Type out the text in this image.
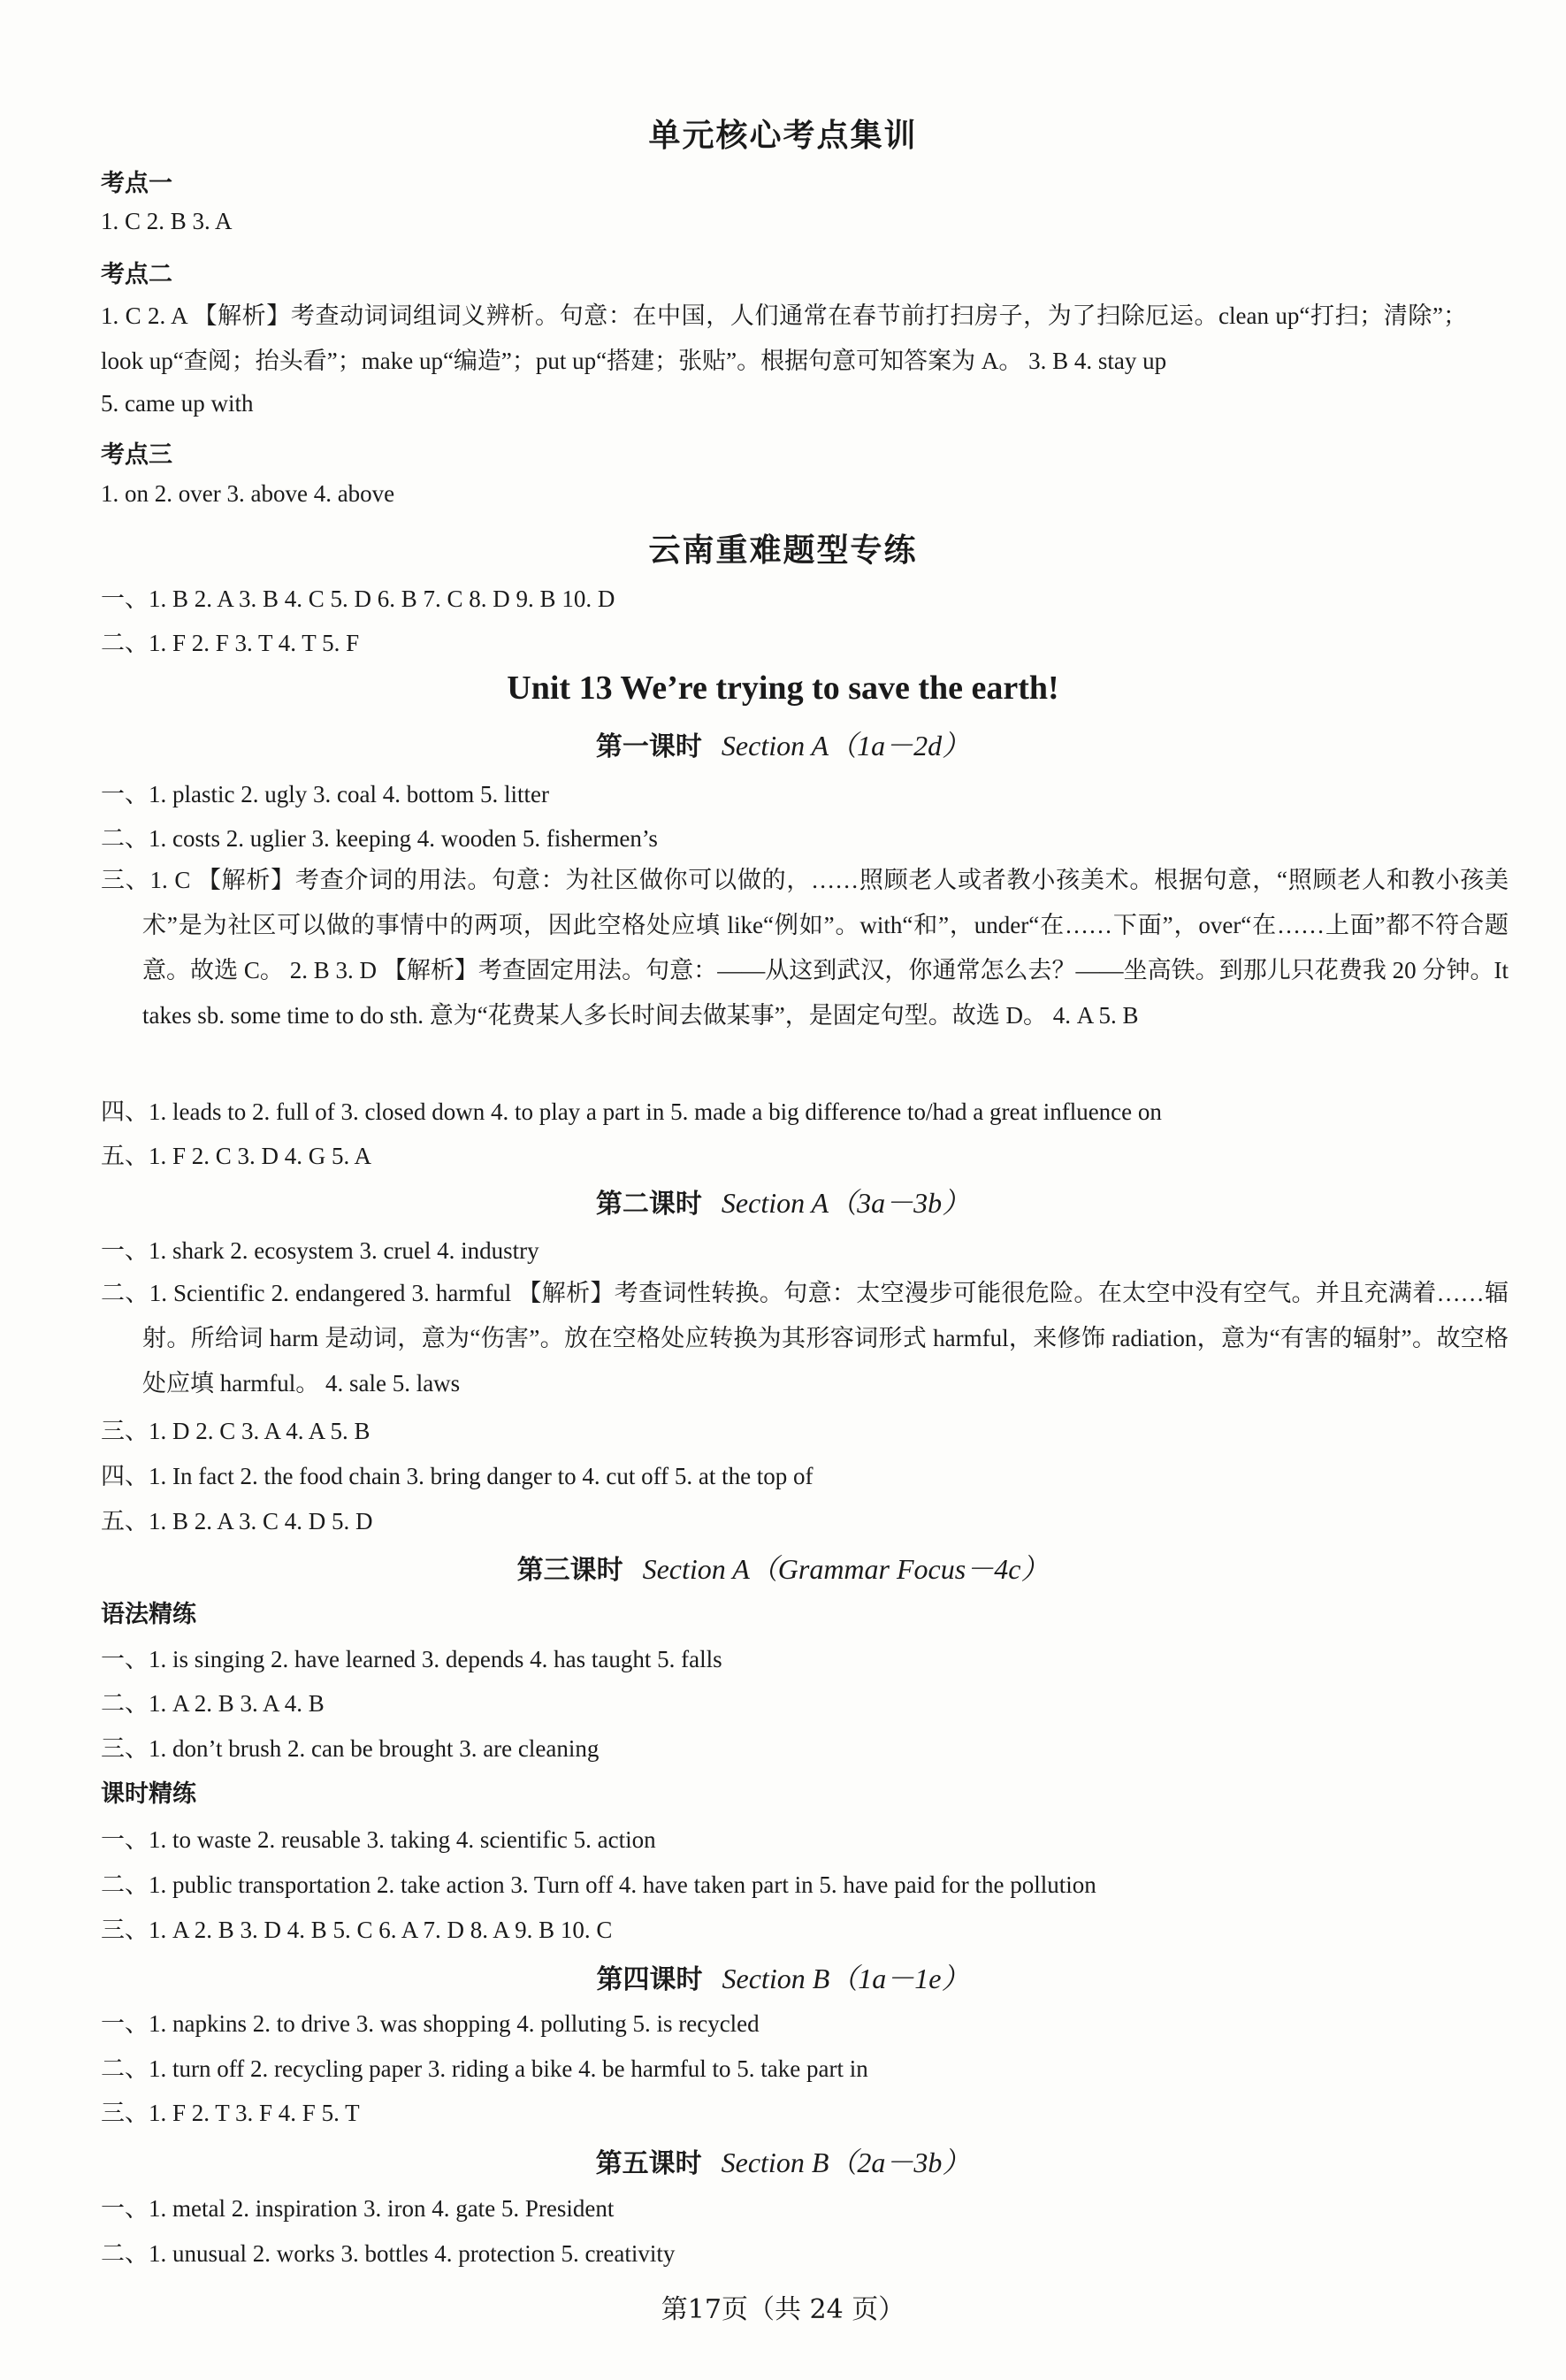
单元核心考点集训
考点一
1. C 2. B 3. A
考点二
1. C 2. A 【解析】考查动词词组词义辨析。句意：在中国，人们通常在春节前打扫房子，为了扫除厄运。clean up“打扫；清除”；look up“查阅；抬头看”；make up“编造”；put up“搭建；张贴”。根据句意可知答案为 A。 3. B 4. stay up
5. came up with
考点三
1. on 2. over 3. above 4. above
云南重难题型专练
一、1. B 2. A 3. B 4. C 5. D 6. B 7. C 8. D 9. B 10. D
二、1. F 2. F 3. T 4. T 5. F
Unit 13 We’re trying to save the earth!
第一课时 Section A（1a－2d）
一、1. plastic 2. ugly 3. coal 4. bottom 5. litter
二、1. costs 2. uglier 3. keeping 4. wooden 5. fishermen’s
三、1. C 【解析】考查介词的用法。句意：为社区做你可以做的，……照顾老人或者教小孩美术。根据句意，“照顾老人和教小孩美术”是为社区可以做的事情中的两项，因此空格处应填 like“例如”。with“和”，under“在……下面”，over“在……上面”都不符合题意。故选 C。 2. B 3. D 【解析】考查固定用法。句意：——从这到武汉，你通常怎么去？——坐高铁。到那儿只花费我 20 分钟。It takes sb. some time to do sth. 意为“花费某人多长时间去做某事”，是固定句型。故选 D。 4. A 5. B
四、1. leads to 2. full of 3. closed down 4. to play a part in 5. made a big difference to/had a great influence on
五、1. F 2. C 3. D 4. G 5. A
第二课时 Section A（3a－3b）
一、1. shark 2. ecosystem 3. cruel 4. industry
二、1. Scientific 2. endangered 3. harmful 【解析】考查词性转换。句意：太空漫步可能很危险。在太空中没有空气。并且充满着……辐射。所给词 harm 是动词，意为“伤害”。放在空格处应转换为其形容词形式 harmful，来修饰 radiation，意为“有害的辐射”。故空格处应填 harmful。 4. sale 5. laws
三、1. D 2. C 3. A 4. A 5. B
四、1. In fact 2. the food chain 3. bring danger to 4. cut off 5. at the top of
五、1. B 2. A 3. C 4. D 5. D
第三课时 Section A（Grammar Focus－4c）
语法精练
一、1. is singing 2. have learned 3. depends 4. has taught 5. falls
二、1. A 2. B 3. A 4. B
三、1. don’t brush 2. can be brought 3. are cleaning
课时精练
一、1. to waste 2. reusable 3. taking 4. scientific 5. action
二、1. public transportation 2. take action 3. Turn off 4. have taken part in 5. have paid for the pollution
三、1. A 2. B 3. D 4. B 5. C 6. A 7. D 8. A 9. B 10. C
第四课时 Section B（1a－1e）
一、1. napkins 2. to drive 3. was shopping 4. polluting 5. is recycled
二、1. turn off 2. recycling paper 3. riding a bike 4. be harmful to 5. take part in
三、1. F 2. T 3. F 4. F 5. T
第五课时 Section B（2a－3b）
一、1. metal 2. inspiration 3. iron 4. gate 5. President
二、1. unusual 2. works 3. bottles 4. protection 5. creativity
第17页（共 24 页）
